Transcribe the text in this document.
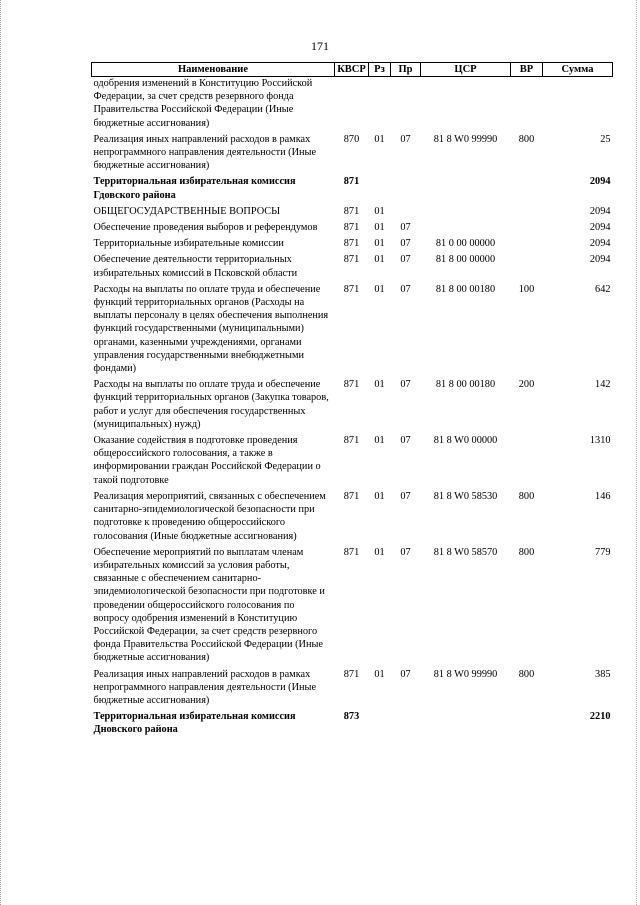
171
Наименование	КВСР	Рз	Пр	ЦСР	ВР	Сумма
одобрения изменений в Конституцию Российской Федерации, за счет средств резервного фонда Правительства Российской Федерации (Иные бюджетные ассигнования)						
Реализация иных направлений расходов в рамках непрограммного направления деятельности (Иные бюджетные ассигнования)	870	01	07	81 8 W0 99990	800	25
Территориальная избирательная комиссия Гдовского района	871					2094
ОБЩЕГОСУДАРСТВЕННЫЕ ВОПРОСЫ	871	01				2094
Обеспечение проведения выборов и референдумов	871	01	07			2094
Территориальные избирательные комиссии	871	01	07	81 0 00 00000		2094
Обеспечение деятельности территориальных избирательных комиссий в Псковской области	871	01	07	81 8 00 00000		2094
Расходы на выплаты по оплате труда и обеспечение функций территориальных органов (Расходы на выплаты персоналу в целях обеспечения выполнения функций государственными (муниципальными) органами, казенными учреждениями, органами управления государственными внебюджетными фондами)	871	01	07	81 8 00 00180	100	642
Расходы на выплаты по оплате труда и обеспечение функций территориальных органов (Закупка товаров, работ и услуг для обеспечения государственных (муниципальных) нужд)	871	01	07	81 8 00 00180	200	142
Оказание содействия в подготовке проведения общероссийского голосования, а также в информировании граждан Российской Федерации о такой подготовке	871	01	07	81 8 W0 00000		1310
Реализация мероприятий, связанных с обеспечением санитарно-эпидемиологической безопасности при подготовке к проведению общероссийского голосования (Иные бюджетные ассигнования)	871	01	07	81 8 W0 58530	800	146
Обеспечение мероприятий по выплатам членам избирательных комиссий за условия работы, связанные с обеспечением санитарно-эпидемиологической безопасности при подготовке и проведении общероссийского голосования по вопросу одобрения изменений в Конституцию Российской Федерации, за счет средств резервного фонда Правительства Российской Федерации (Иные бюджетные ассигнования)	871	01	07	81 8 W0 58570	800	779
Реализация иных направлений расходов в рамках непрограммного направления деятельности (Иные бюджетные ассигнования)	871	01	07	81 8 W0 99990	800	385
Территориальная избирательная комиссия Дновского района	873					2210
